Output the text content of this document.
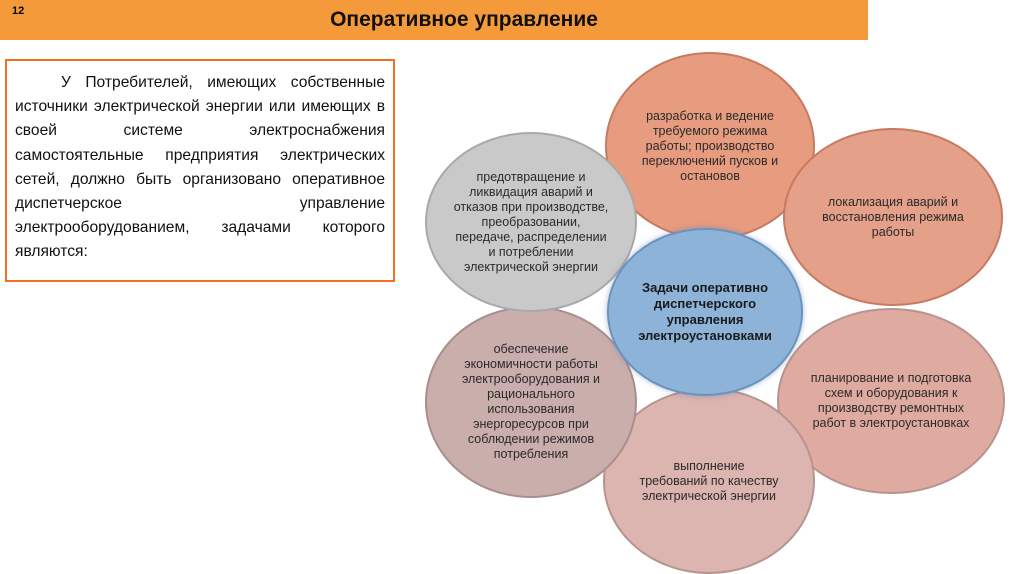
12	Оперативное управление

У Потребителей, имеющих собственные источники электрической энергии или имеющих в своей системе электроснабжения самостоятельные предприятия электрических сетей, должно быть организовано оперативное диспетчерское управление электрооборудованием, задачами которого являются:

разработка и ведение требуемого режима работы; производство переключений пусков и остановов
локализация аварий и восстановления режима работы
планирование и подготовка схем и оборудования к производству ремонтных работ в электроустановках
выполнение требований по качеству электрической энергии
обеспечение экономичности работы электрооборудования и рационального использования энергоресурсов при соблюдении режимов потребления
предотвращение и ликвидация аварий и отказов при производстве, преобразовании, передаче, распределении и потреблении электрической энергии
Задачи оперативно диспетчерского управления электроустановками
